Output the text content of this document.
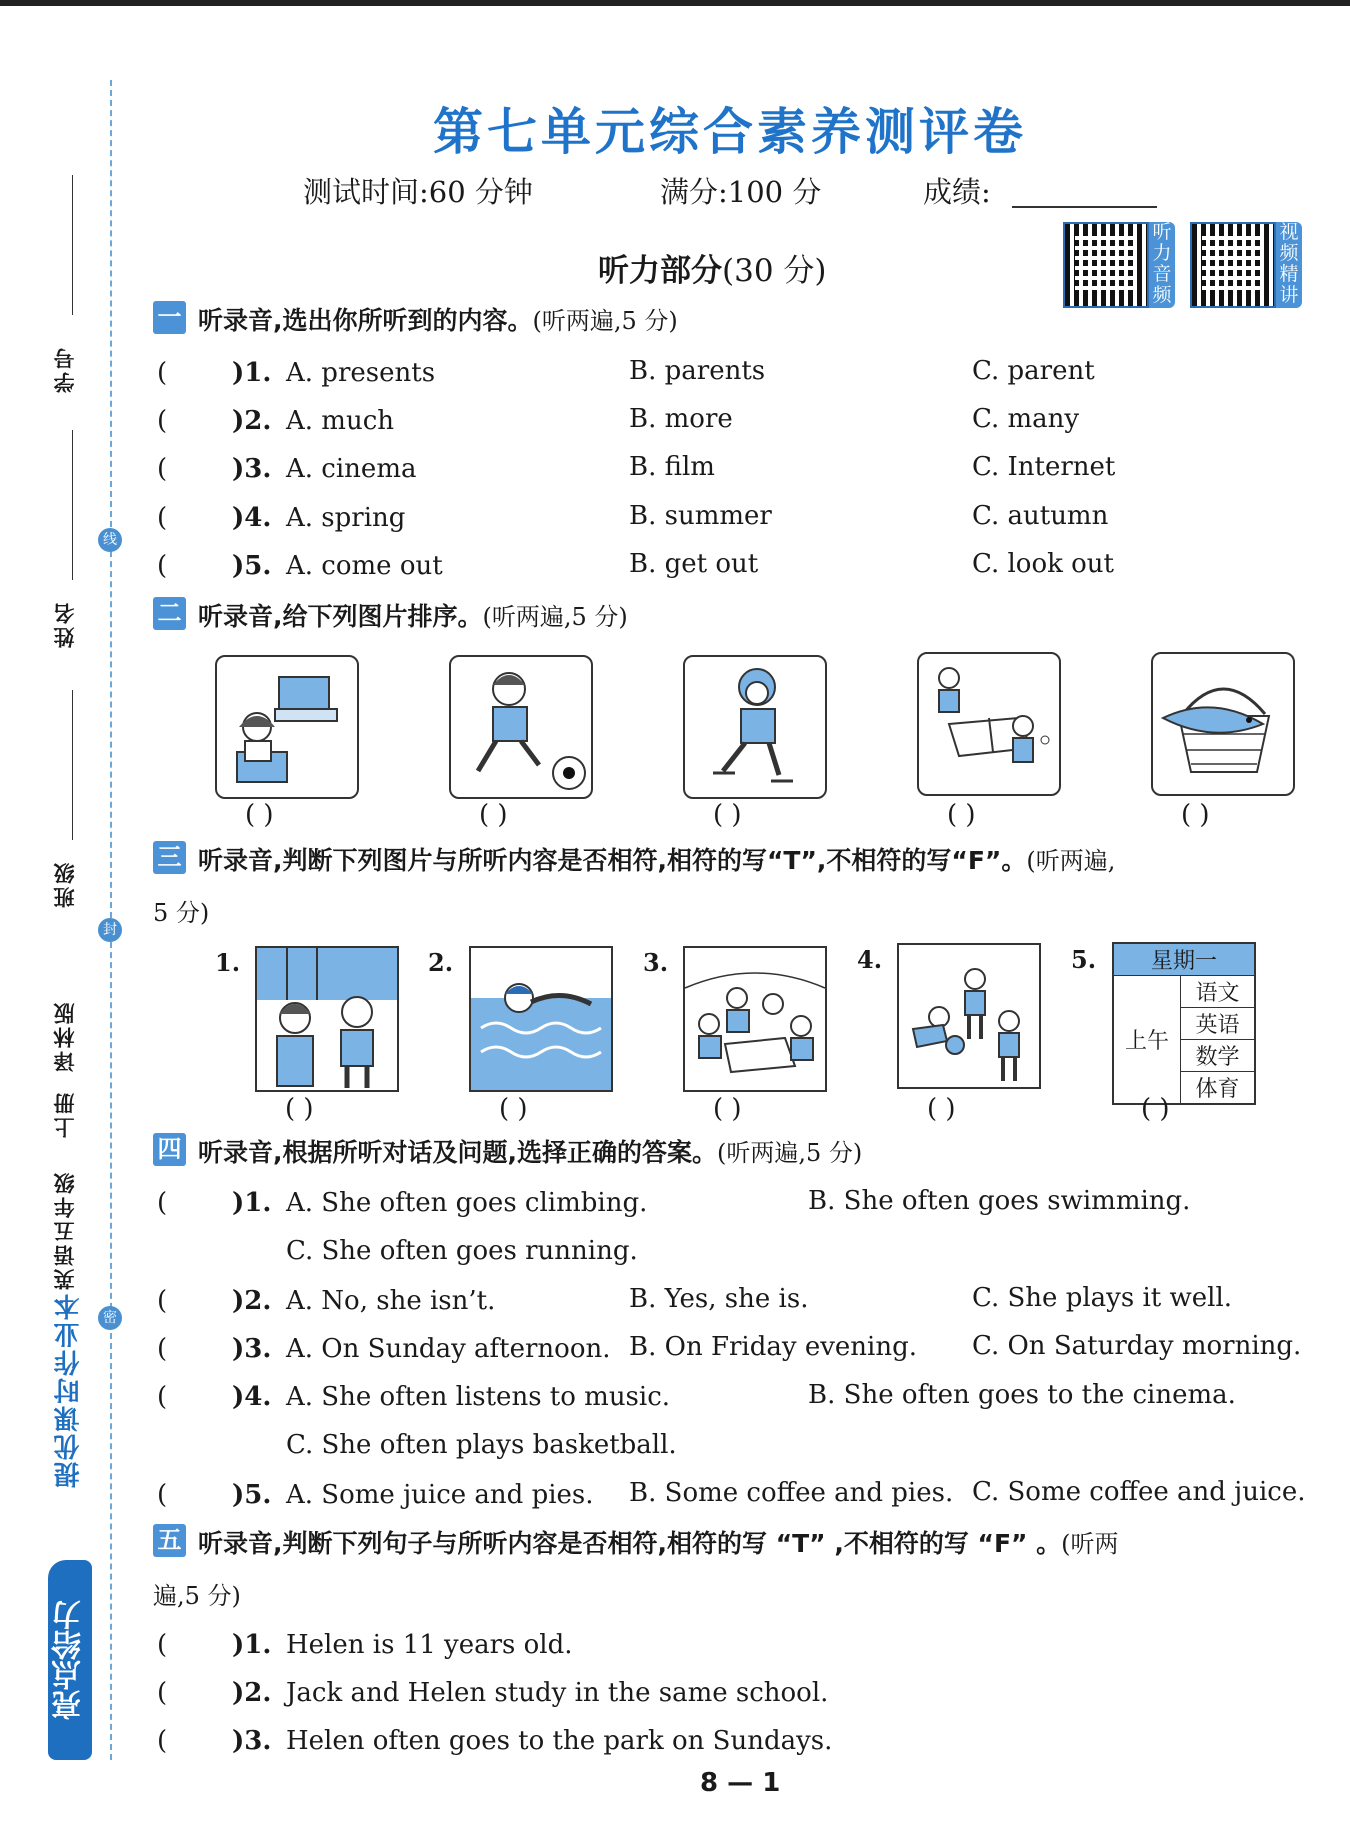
线
封
密
学号
姓名
班级
译林版
上册
英语五年级
提优课时作业本
亮点给力
第七单元综合素养测评卷
测试时间:60 分钟	满分:100 分	成绩:
听力音频
视频精讲
听力部分(30 分)
一 听录音,选出你所听到的内容。(听两遍,5 分)
( )1. A. presents	B. parents	C. parent
( )2. A. much	B. more	C. many
( )3. A. cinema	B. film	C. Internet
( )4. A. spring	B. summer	C. autumn
( )5. A. come out	B. get out	C. look out
二 听录音,给下列图片排序。(听两遍,5 分)
( )	( )	( )	( )	( )
三 听录音,判断下列图片与所听内容是否相符,相符的写“T”,不相符的写“F”。(听两遍,
5 分)
1.	2.	3.	4.	5. 星期一
上午	语文
英语
数学
体育
( )	( )	( )	( )	( )
四 听录音,根据所听对话及问题,选择正确的答案。(听两遍,5 分)
( )1. A. She often goes climbing.	B. She often goes swimming.
C. She often goes running.
( )2. A. No, she isn’t.	B. Yes, she is.	C. She plays it well.
( )3. A. On Sunday afternoon. B. On Friday evening. C. On Saturday morning.
( )4. A. She often listens to music.	B. She often goes to the cinema.
C. She often plays basketball.
( )5. A. Some juice and pies. B. Some coffee and pies. C. Some coffee and juice.
五 听录音,判断下列句子与所听内容是否相符,相符的写 “T” ,不相符的写 “F” 。(听两
遍,5 分)
( )1. Helen is 11 years old.
( )2. Jack and Helen study in the same school.
( )3. Helen often goes to the park on Sundays.
8 — 1
